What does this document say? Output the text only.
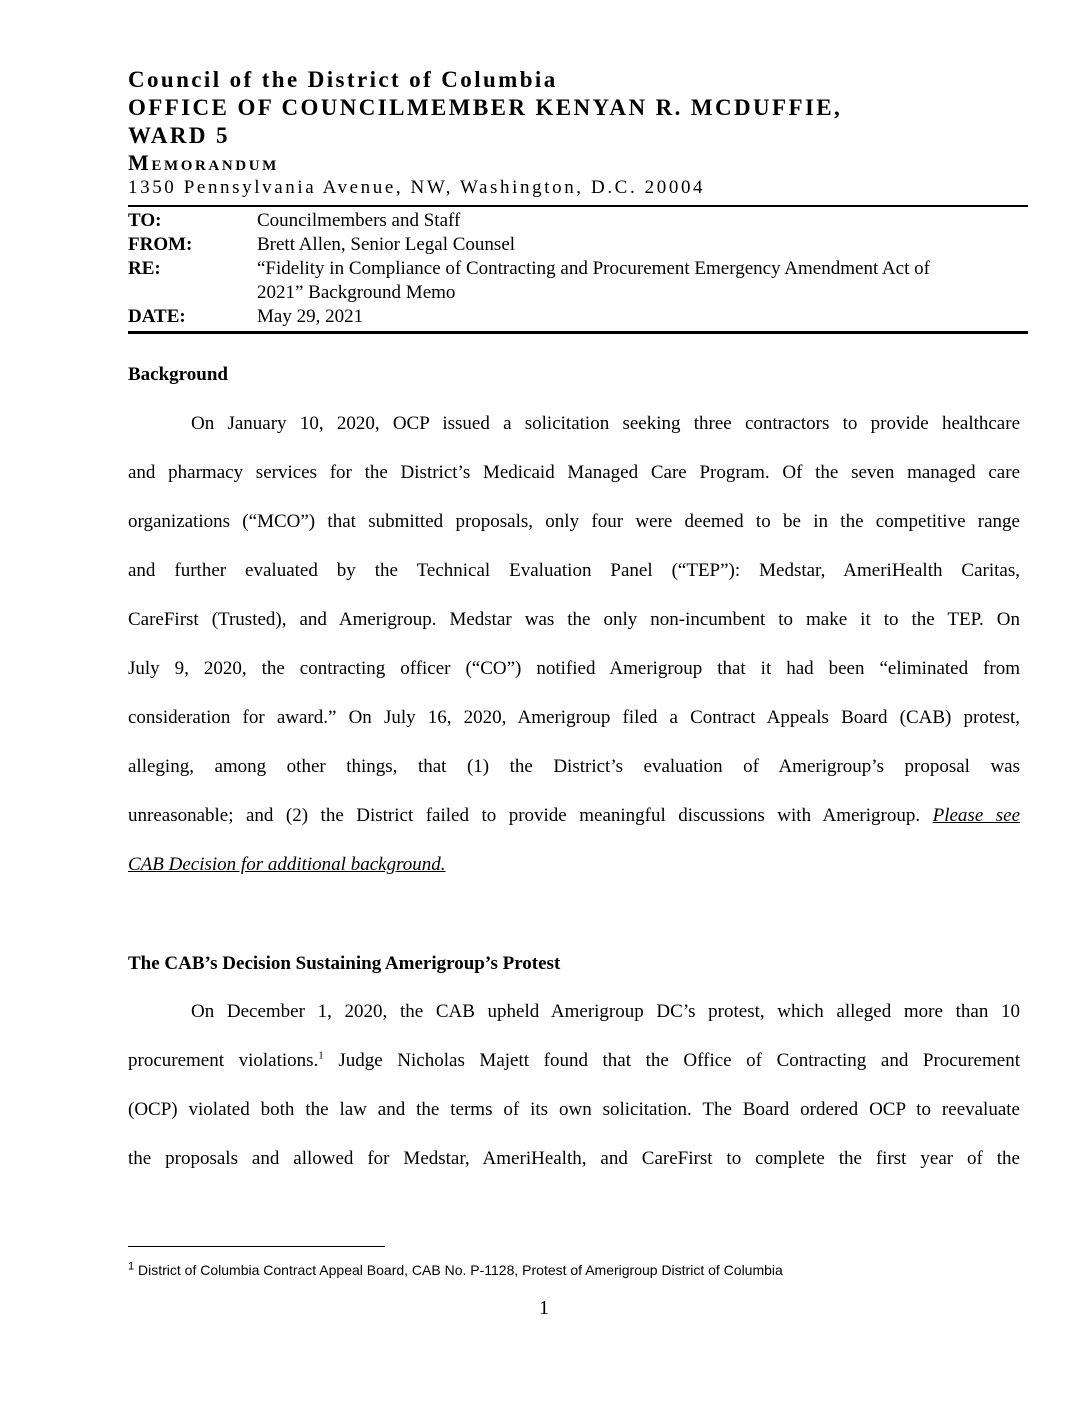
Council of the District of Columbia
OFFICE OF COUNCILMEMBER KENYAN R. MCDUFFIE,
WARD 5
Memorandum
1350 Pennsylvania Avenue, NW, Washington, D.C. 20004
TO:	Councilmembers and Staff
FROM:	Brett Allen, Senior Legal Counsel
RE:	“Fidelity in Compliance of Contracting and Procurement Emergency Amendment Act of
2021” Background Memo
DATE:	May 29, 2021
Background
On January 10, 2020, OCP issued a solicitation seeking three contractors to provide healthcare
and pharmacy services for the District’s Medicaid Managed Care Program. Of the seven managed care
organizations (“MCO”) that submitted proposals, only four were deemed to be in the competitive range
and further evaluated by the Technical Evaluation Panel (“TEP”): Medstar, AmeriHealth Caritas,
CareFirst (Trusted), and Amerigroup. Medstar was the only non-incumbent to make it to the TEP. On
July 9, 2020, the contracting officer (“CO”) notified Amerigroup that it had been “eliminated from
consideration for award.” On July 16, 2020, Amerigroup filed a Contract Appeals Board (CAB) protest,
alleging, among other things, that (1) the District’s evaluation of Amerigroup’s proposal was
unreasonable; and (2) the District failed to provide meaningful discussions with Amerigroup. Please see
CAB Decision for additional background.
The CAB’s Decision Sustaining Amerigroup’s Protest
On December 1, 2020, the CAB upheld Amerigroup DC’s protest, which alleged more than 10
procurement violations.$^1$ Judge Nicholas Majett found that the Office of Contracting and Procurement
(OCP) violated both the law and the terms of its own solicitation. The Board ordered OCP to reevaluate
the proposals and allowed for Medstar, AmeriHealth, and CareFirst to complete the first year of the
$^1$ District of Columbia Contract Appeal Board, CAB No. P-1128, Protest of Amerigroup District of Columbia
1
